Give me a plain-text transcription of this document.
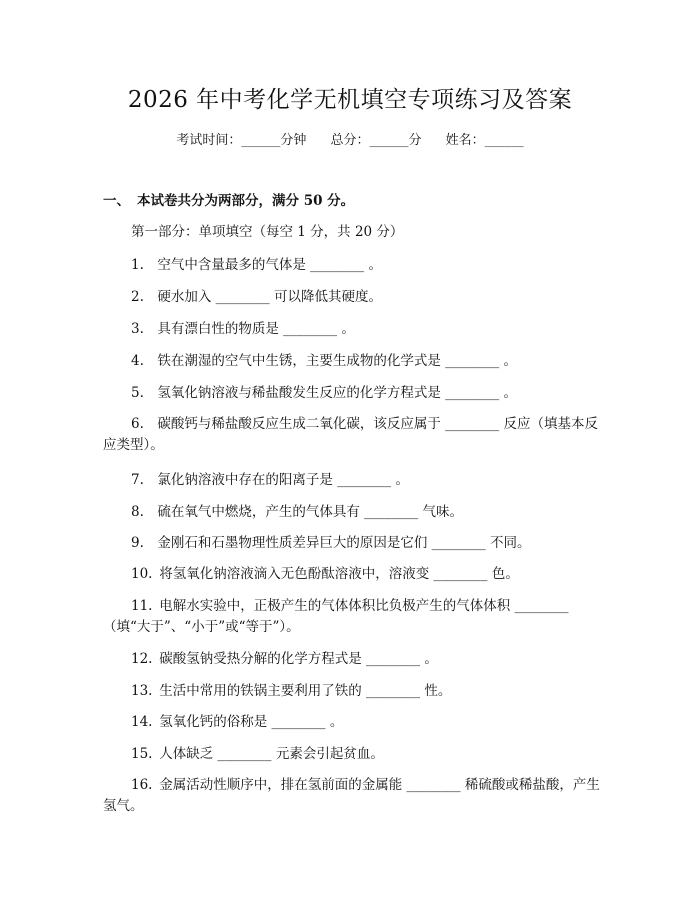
2026 年中考化学无机填空专项练习及答案
考试时间：______分钟 总分：______分 姓名：______
一、 本试卷共分为两部分，满分 50 分。
第一部分：单项填空（每空 1 分，共 20 分）
1.  空气中含量最多的气体是 ________ 。
2.  硬水加入 ________ 可以降低其硬度。
3.  具有漂白性的物质是 ________ 。
4.  铁在潮湿的空气中生锈，主要生成物的化学式是 ________ 。
5.  氢氧化钠溶液与稀盐酸发生反应的化学方程式是 ________ 。
6.  碳酸钙与稀盐酸反应生成二氧化碳，该反应属于 ________ 反应（填基本反应类型）。
7.  氯化钠溶液中存在的阳离子是 ________ 。
8.  硫在氧气中燃烧，产生的气体具有 ________ 气味。
9.  金刚石和石墨物理性质差异巨大的原因是它们 ________ 不同。
10.  将氢氧化钠溶液滴入无色酚酞溶液中，溶液变 ________ 色。
11.  电解水实验中，正极产生的气体体积比负极产生的气体体积 ________（填“大于”、“小于”或“等于”）。
12.  碳酸氢钠受热分解的化学方程式是 ________ 。
13.  生活中常用的铁锅主要利用了铁的 ________ 性。
14.  氢氧化钙的俗称是 ________ 。
15.  人体缺乏 ________ 元素会引起贫血。
16.  金属活动性顺序中，排在氢前面的金属能 ________ 稀硫酸或稀盐酸，产生氢气。
